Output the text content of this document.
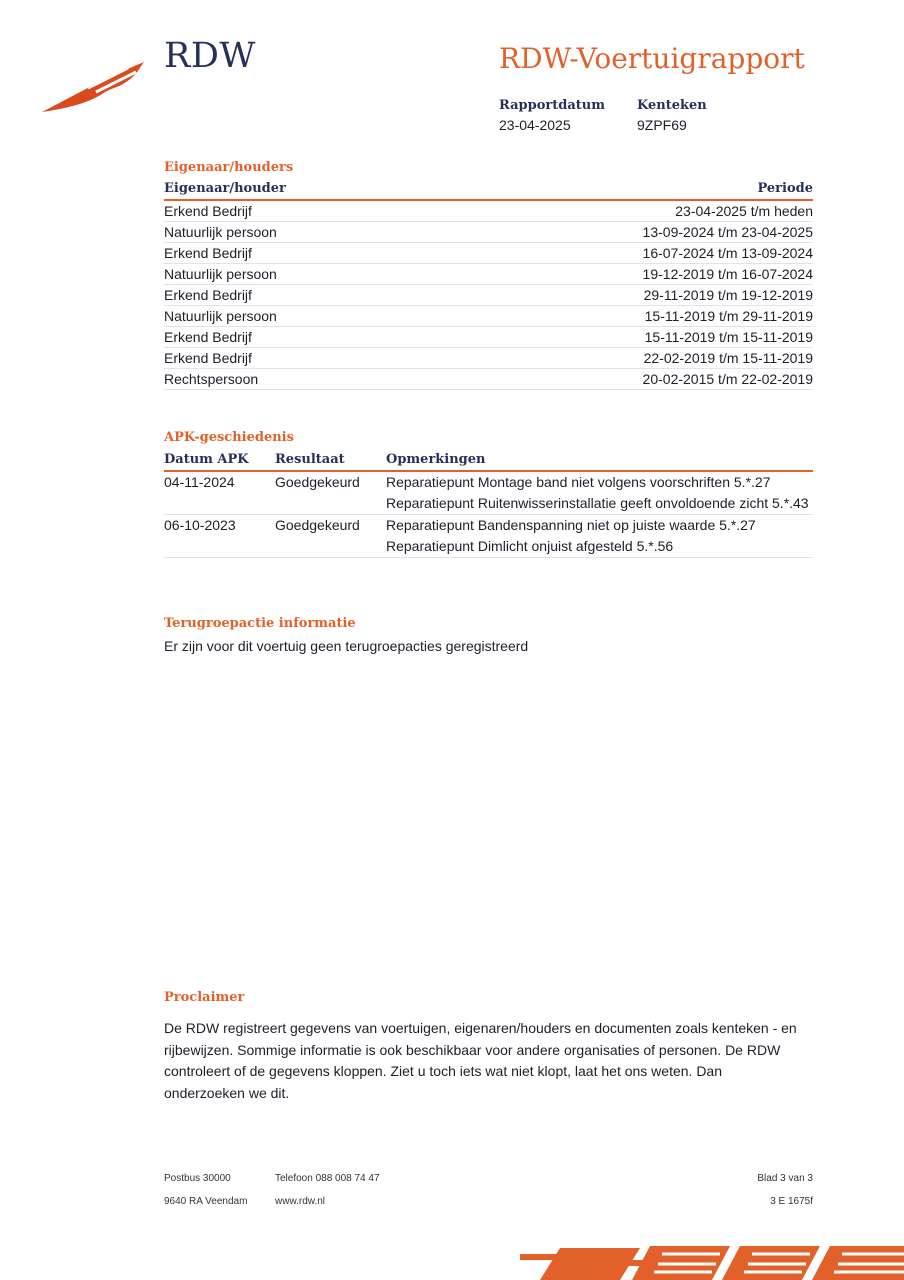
RDW	RDW-Voertuigrapport
Rapportdatum
23-04-2025
Kenteken
9ZPF69
Eigenaar/houders
Eigenaar/houder	Periode
Erkend Bedrijf	23-04-2025 t/m heden
Natuurlijk persoon	13-09-2024 t/m 23-04-2025
Erkend Bedrijf	16-07-2024 t/m 13-09-2024
Natuurlijk persoon	19-12-2019 t/m 16-07-2024
Erkend Bedrijf	29-11-2019 t/m 19-12-2019
Natuurlijk persoon	15-11-2019 t/m 29-11-2019
Erkend Bedrijf	15-11-2019 t/m 15-11-2019
Erkend Bedrijf	22-02-2019 t/m 15-11-2019
Rechtspersoon	20-02-2015 t/m 22-02-2019
APK-geschiedenis
Datum APK	Resultaat	Opmerkingen
04-11-2024	Goedgekeurd	Reparatiepunt Montage band niet volgens voorschriften 5.*.27
Reparatiepunt Ruitenwisserinstallatie geeft onvoldoende zicht 5.*.43

06-10-2023	Goedgekeurd	Reparatiepunt Bandenspanning niet op juiste waarde 5.*.27
Reparatiepunt Dimlicht onjuist afgesteld 5.*.56
Terugroepactie informatie
Er zijn voor dit voertuig geen terugroepacties geregistreerd
Proclaimer
De RDW registreert gegevens van voertuigen, eigenaren/houders en documenten zoals kenteken - en rijbewijzen. Sommige informatie is ook beschikbaar voor andere organisaties of personen. De RDW controleert of de gegevens kloppen. Ziet u toch iets wat niet klopt, laat het ons weten. Dan onderzoeken we dit.
Postbus 30000
9640 RA Veendam
Telefoon 088 008 74 47
www.rdw.nl
Blad 3 van 3
3 E 1675f
